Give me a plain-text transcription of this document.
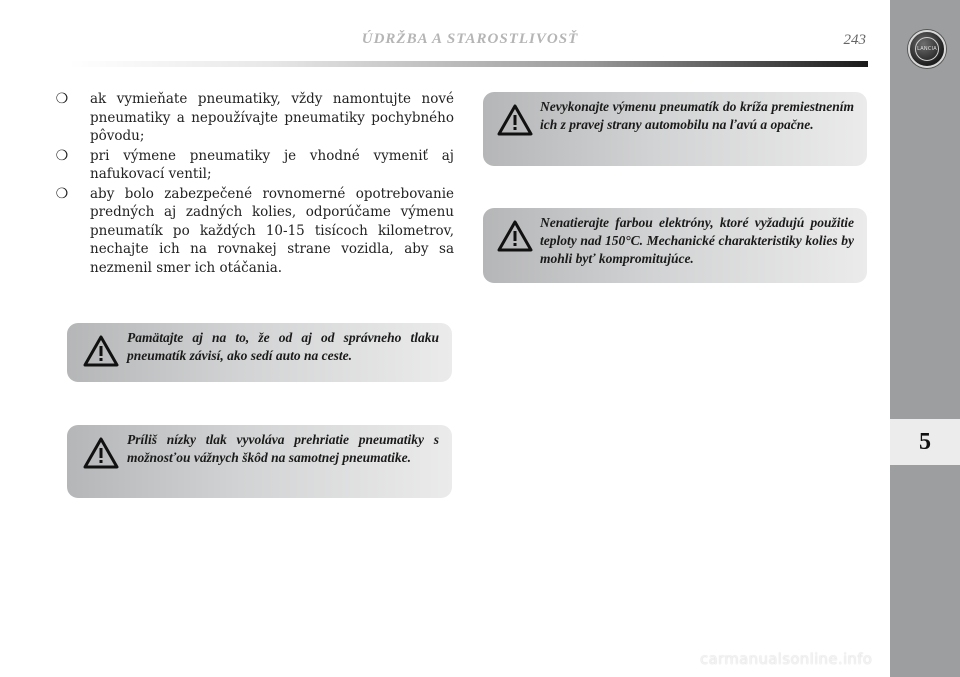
ÚDRŽBA A STAROSTLIVOSŤ	243
LANCIA
5
❍	ak vymieňate pneumatiky, vždy namontujte nové pneumatiky a nepoužívajte pneumatiky pochybného pôvodu;
❍	pri výmene pneumatiky je vhodné vymeniť aj nafukovací ventil;
❍	aby bolo zabezpečené rovnomerné opotrebovanie predných aj zadných kolies, odporúčame výmenu pneumatík po každých 10-15 tisícoch kilometrov, nechajte ich na rovnakej strane vozidla, aby sa nezmenil smer ich otáčania.
Pamätajte aj na to, že od aj od správneho tlaku pneumatík závisí, ako sedí auto na ceste.
Príliš nízky tlak vyvoláva prehriatie pneumatiky s možnosťou vážnych škôd na samotnej pneumatike.
Nevykonajte výmenu pneumatík do kríža premiestnením ich z pravej strany automobilu na ľavú a opačne.
Nenatierajte farbou elektróny, ktoré vyžadujú použitie teploty nad 150°C. Mechanické charakteristiky kolies by mohli byť kompromitujúce.
carmanualsonline.info
